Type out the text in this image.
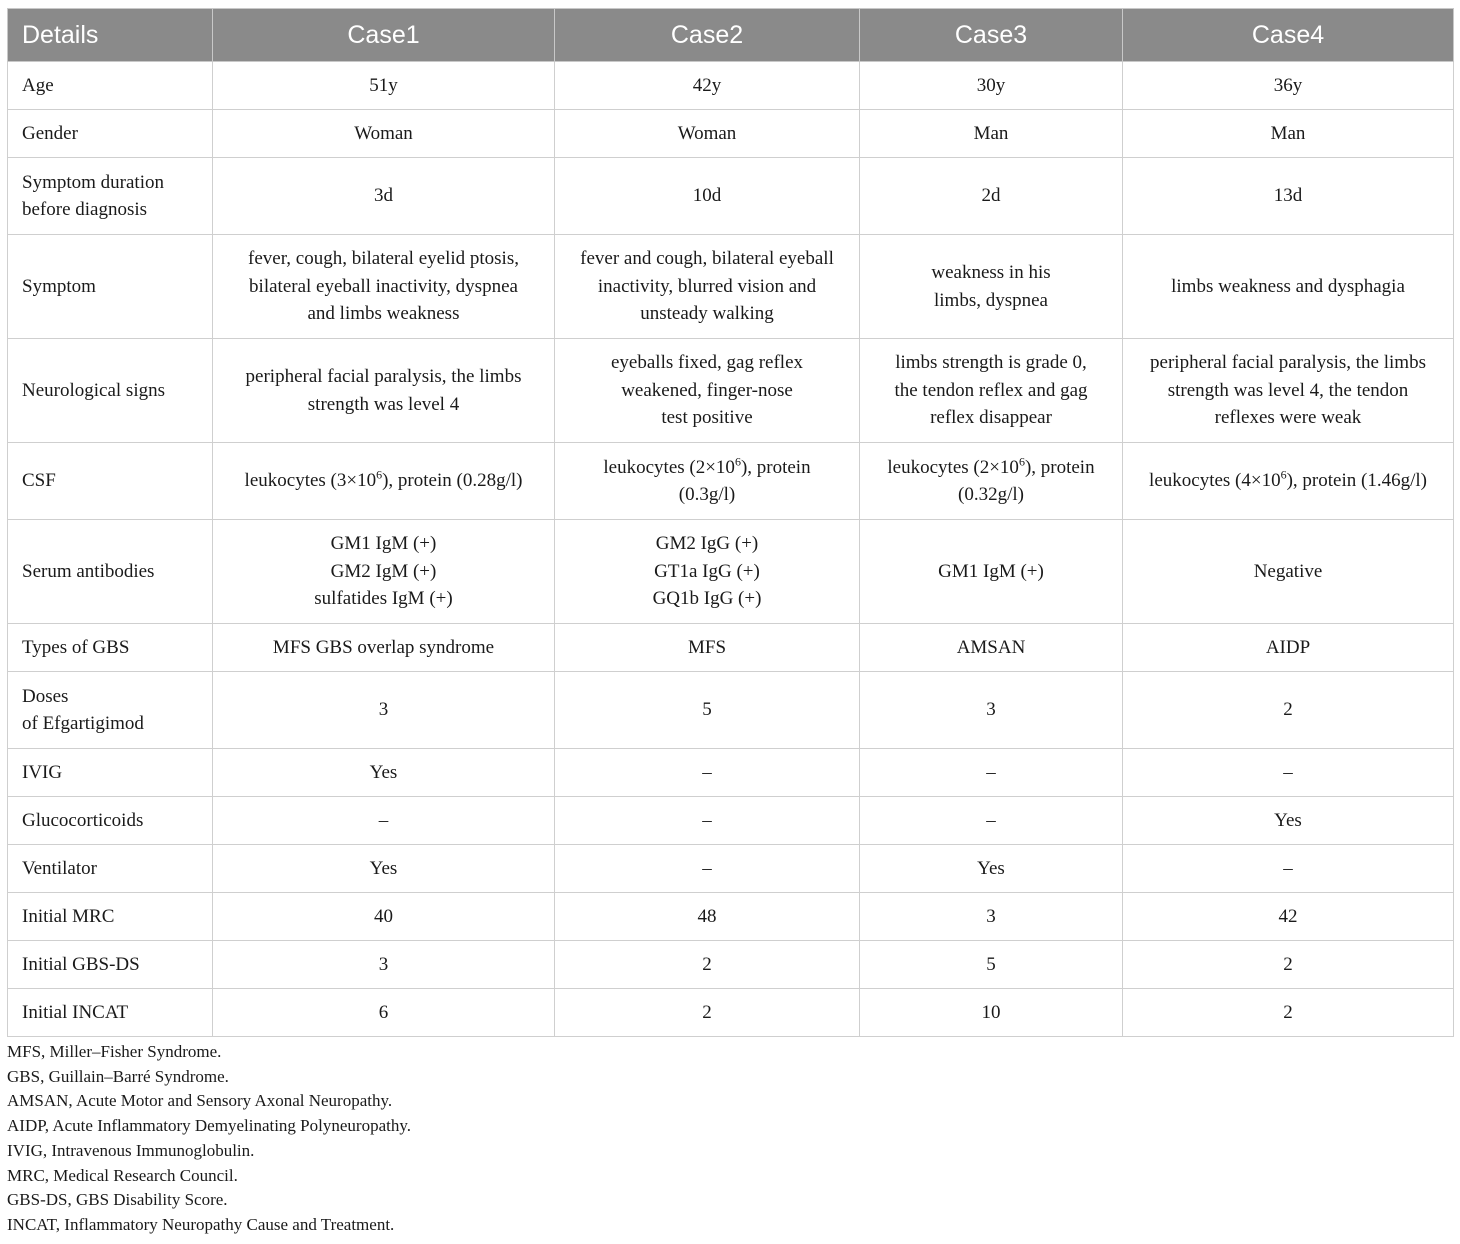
Details	Case1	Case2	Case3	Case4
Age	51y	42y	30y	36y
Gender	Woman	Woman	Man	Man

Symptom duration
before diagnosis	3d	10d	2d	13d
Symptom	fever, cough, bilateral eyelid ptosis,
bilateral eyeball inactivity, dyspnea
and limbs weakness	fever and cough, bilateral eyeball
inactivity, blurred vision and
unsteady walking	weakness in his
limbs, dyspnea	limbs weakness and dysphagia

Neurological signs	peripheral facial paralysis, the limbs
strength was level 4	eyeballs fixed, gag reflex
weakened, finger-nose
test positive	limbs strength is grade 0,
the tendon reflex and gag
reflex disappear	peripheral facial paralysis, the limbs
strength was level 4, the tendon
reflexes were weak

CSF	leukocytes $(3\times 10^6)$, protein (0.28g/l)	leukocytes $(2\times 10^6)$, protein
(0.3g/l)	leukocytes $(2\times 10^6)$, protein
(0.32g/l)	leukocytes $(4\times 10^6)$, protein (1.46g/l)

Serum antibodies	GM1 IgM (+)
GM2 IgM (+)
sulfatides IgM (+)	GM2 IgG (+)
GT1a IgG (+)
GQ1b IgG (+)	GM1 IgM (+)	Negative

Types of GBS	MFS GBS overlap syndrome	MFS	AMSAN	AIDP

Doses
of Efgartigimod	3	5	3	2
IVIG	Yes	–	–	–
Glucocorticoids	–	–	–	Yes
Ventilator	Yes	–	Yes	–
Initial MRC	40	48	3	42
Initial GBS-DS	3	2	5	2
Initial INCAT	6	2	10	2
MFS, Miller–Fisher Syndrome.
GBS, Guillain–Barré Syndrome.
AMSAN, Acute Motor and Sensory Axonal Neuropathy.
AIDP, Acute Inflammatory Demyelinating Polyneuropathy.
IVIG, Intravenous Immunoglobulin.
MRC, Medical Research Council.
GBS-DS, GBS Disability Score.
INCAT, Inflammatory Neuropathy Cause and Treatment.
